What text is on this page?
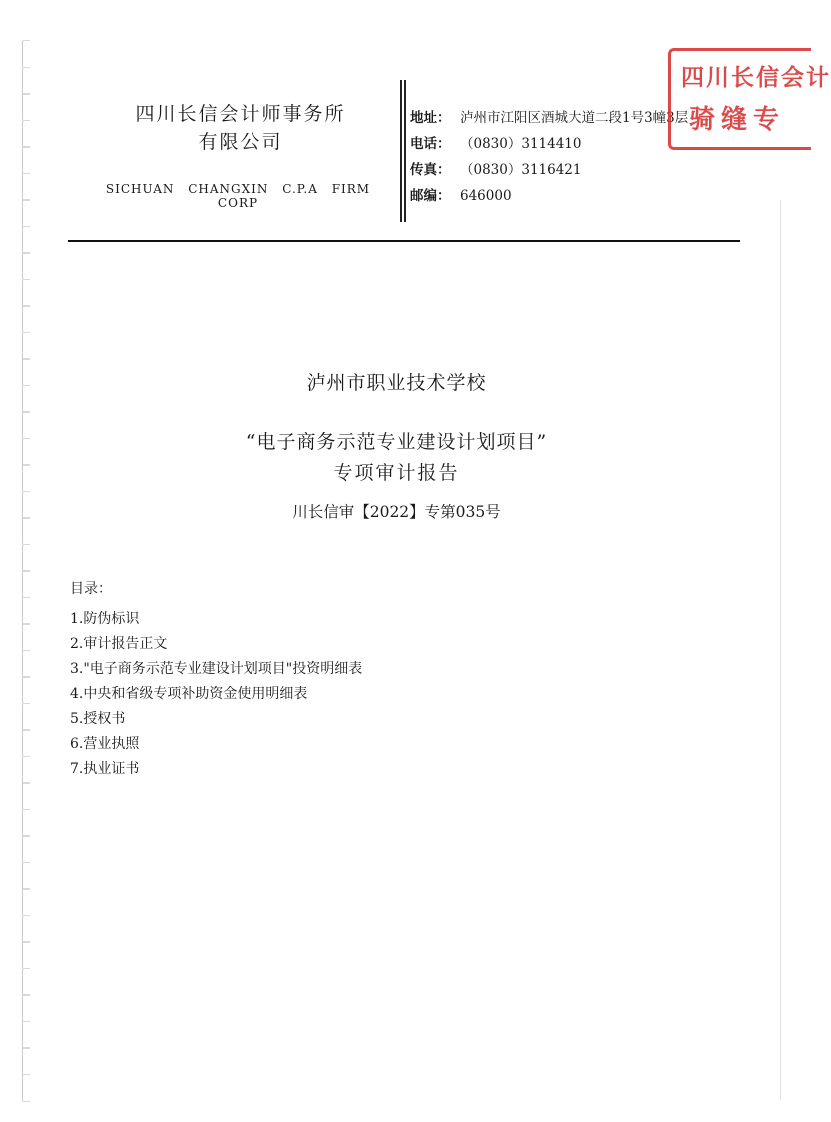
四川长信会计师事务所
有限公司
SICHUAN CHANGXIN C.P.A FIRM CORP
地址： 泸州市江阳区酒城大道二段1号3幢3层
电话： （0830）3114410
传真： （0830）3116421
邮编： 646000
四川长信会计
骑缝专
泸州市职业技术学校
“电子商务示范专业建设计划项目”
专项审计报告
川长信审【2022】专第035号
目录：
1.防伪标识
2.审计报告正文
3."电子商务示范专业建设计划项目"投资明细表
4.中央和省级专项补助资金使用明细表
5.授权书
6.营业执照
7.执业证书
